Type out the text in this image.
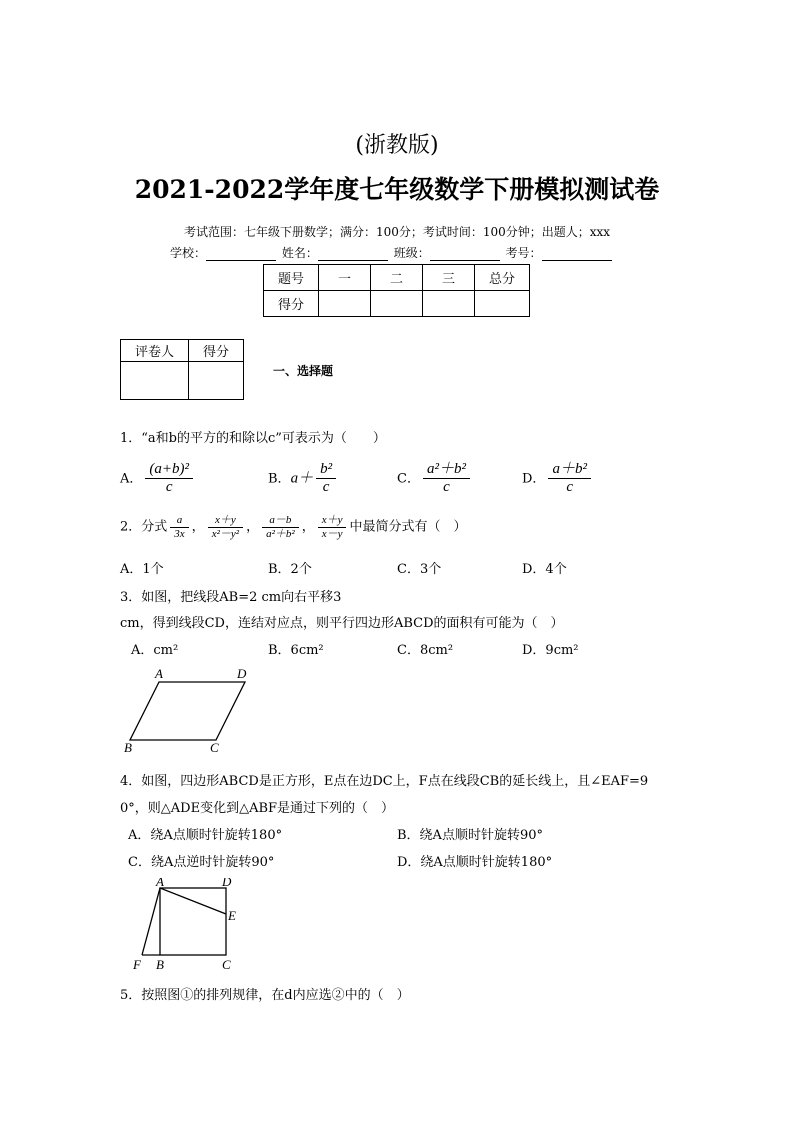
(浙教版)
2021-2022学年度七年级数学下册模拟测试卷
考试范围：七年级下册数学；满分：100分；考试时间：100分钟；出题人；xxx
学校：	姓名：	班级：	考号：
题号	一	二	三	总分
得分				
评卷人	得分

一、选择题
1．“a和b的平方的和除以c”可表示为（　　）
A． $\frac{\text{(a+b)²}}{c}$	B．$a+ \frac{\text{b²}}{c}$	C． $\frac{\text{a²＋b²}}{c}$	D． $\frac{\text{a＋b²}}{c}$
2．分式 $\frac{a}{3x}$ ， $\frac{x+y}{\text{x²－y²}}$ ， $\frac{a-b}{\text{a²＋b²}}$ ， $\frac{x+y}{x-y}$ 中最简分式有（　）
A．1个	B．2个	C．3个	D．4个
3．如图，把线段AB=2 cm向右平移3
cm，得到线段CD，连结对应点，则平行四边形ABCD的面积有可能为（　）
A．cm²	B．6cm²	C．8cm²	D．9cm²
A	D
B	C
4．如图，四边形ABCD是正方形，E点在边DC上，F点在线段CB的延长线上，且∠EAF=9
0°，则△ADE变化到△ABF是通过下列的（　）
A．绕A点顺时针旋转180°	B．绕A点顺时针旋转90°
C．绕A点逆时针旋转90°	D．绕A点顺时针旋转180°
A	D
E
F B	C
5．按照图①的排列规律，在d内应选②中的（　）
